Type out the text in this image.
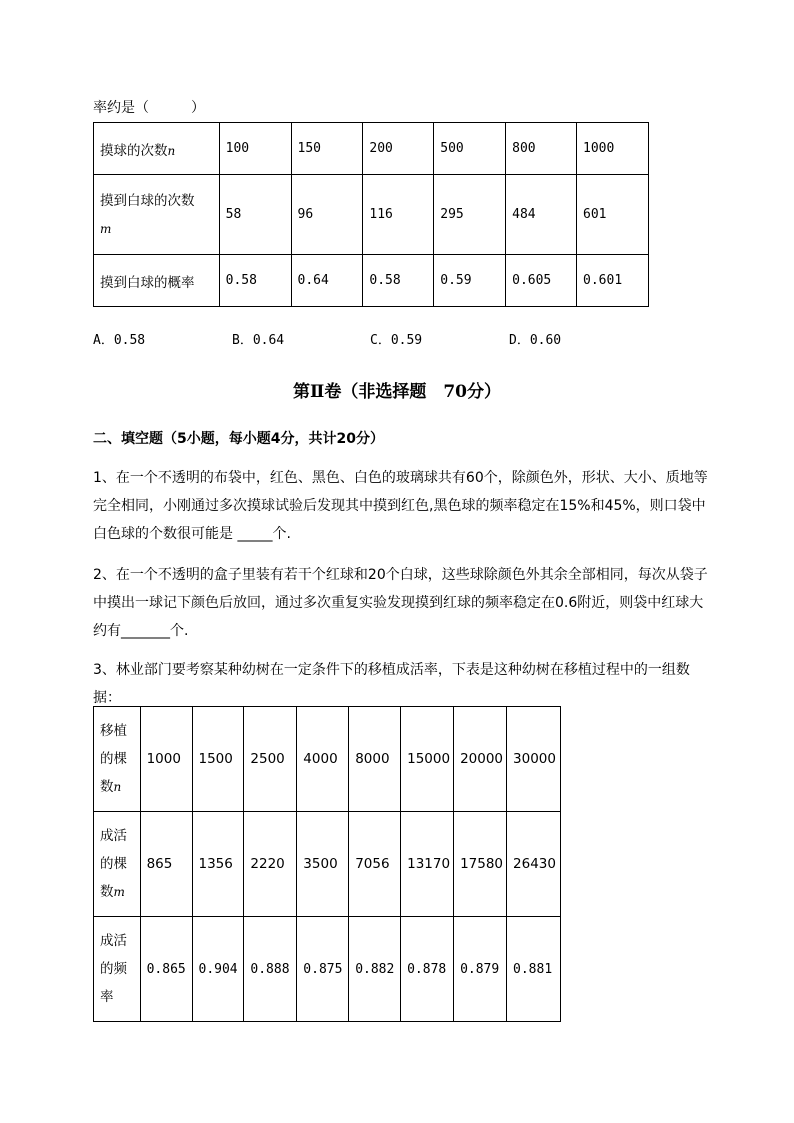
率约是（　　　）
摸球的次数n	100	150	200	500	800	1000
摸到白球的次数
m	58	96	116	295	484	601
摸到白球的概率	0.58	0.64	0.58	0.59	0.605	0.601
A．0.58	B．0.64	C．0.59	D．0.60
第Ⅱ卷（非选择题　70分）
二、填空题（5小题，每小题4分，共计20分）
1、在一个不透明的布袋中，红色、黑色、白色的玻璃球共有60个，除颜色外，形状、大小、质地等
完全相同，小刚通过多次摸球试验后发现其中摸到红色,黑色球的频率稳定在15%和45%，则口袋中
白色球的个数很可能是 _____个.
2、在一个不透明的盒子里装有若干个红球和20个白球，这些球除颜色外其余全部相同，每次从袋子
中摸出一球记下颜色后放回，通过多次重复实验发现摸到红球的频率稳定在0.6附近，则袋中红球大
约有_______个.
3、林业部门要考察某种幼树在一定条件下的移植成活率，下表是这种幼树在移植过程中的一组数
据：
移植
的棵
数n	1000	1500	2500	4000	8000	15000	20000	30000
成活
的棵
数m	865	1356	2220	3500	7056	13170	17580	26430
成活
的频
率	0.865	0.904	0.888	0.875	0.882	0.878	0.879	0.881
